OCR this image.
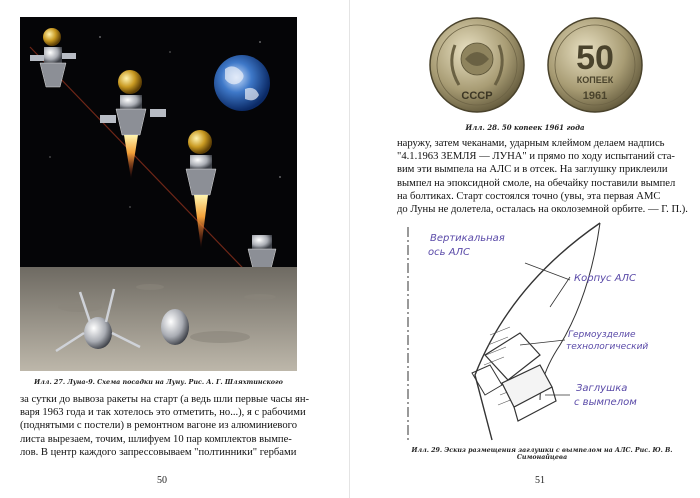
Илл. 27. Луна-9. Схема посадки на Луну. Рис. А. Г. Шляхтинского

за сутки до вывоза ракеты на старт (а ведь шли первые часы ян-

варя 1963 года и так хотелось это отметить, но...), я с рабочими

(поднятыми с постели) в ремонтном вагоне из алюминиевого

листа вырезаем, точим, шлифуем 10 пар комплектов вымпе-

лов. В центр каждого запрессовываем "полтинники" гербами

50
СССР
50
КОПЕЕК
1961
Илл. 28. 50 копеек 1961 года

наружу, затем чеканами, ударным клеймом делаем надпись

"4.1.1963 ЗЕМЛЯ — ЛУНА" и прямо по ходу испытаний ста-

вим эти вымпела на АЛС и в отсек. На заглушку приклеили

вымпел на эпоксидной смоле, на обечайку поставили вымпел

на болтиках. Старт состоялся точно (увы, эта первая АМС

до Луны не долетела, осталась на околоземной орбите. — Г. П.).

Вертикальная
ось АЛС
Корпус АЛС
Гермоузделие
технологический
Заглушка
с вымпелом
Илл. 29. Эскиз размещения заглушки с вымпелом на АЛС. Рис. Ю. В. Симонайцева
51
